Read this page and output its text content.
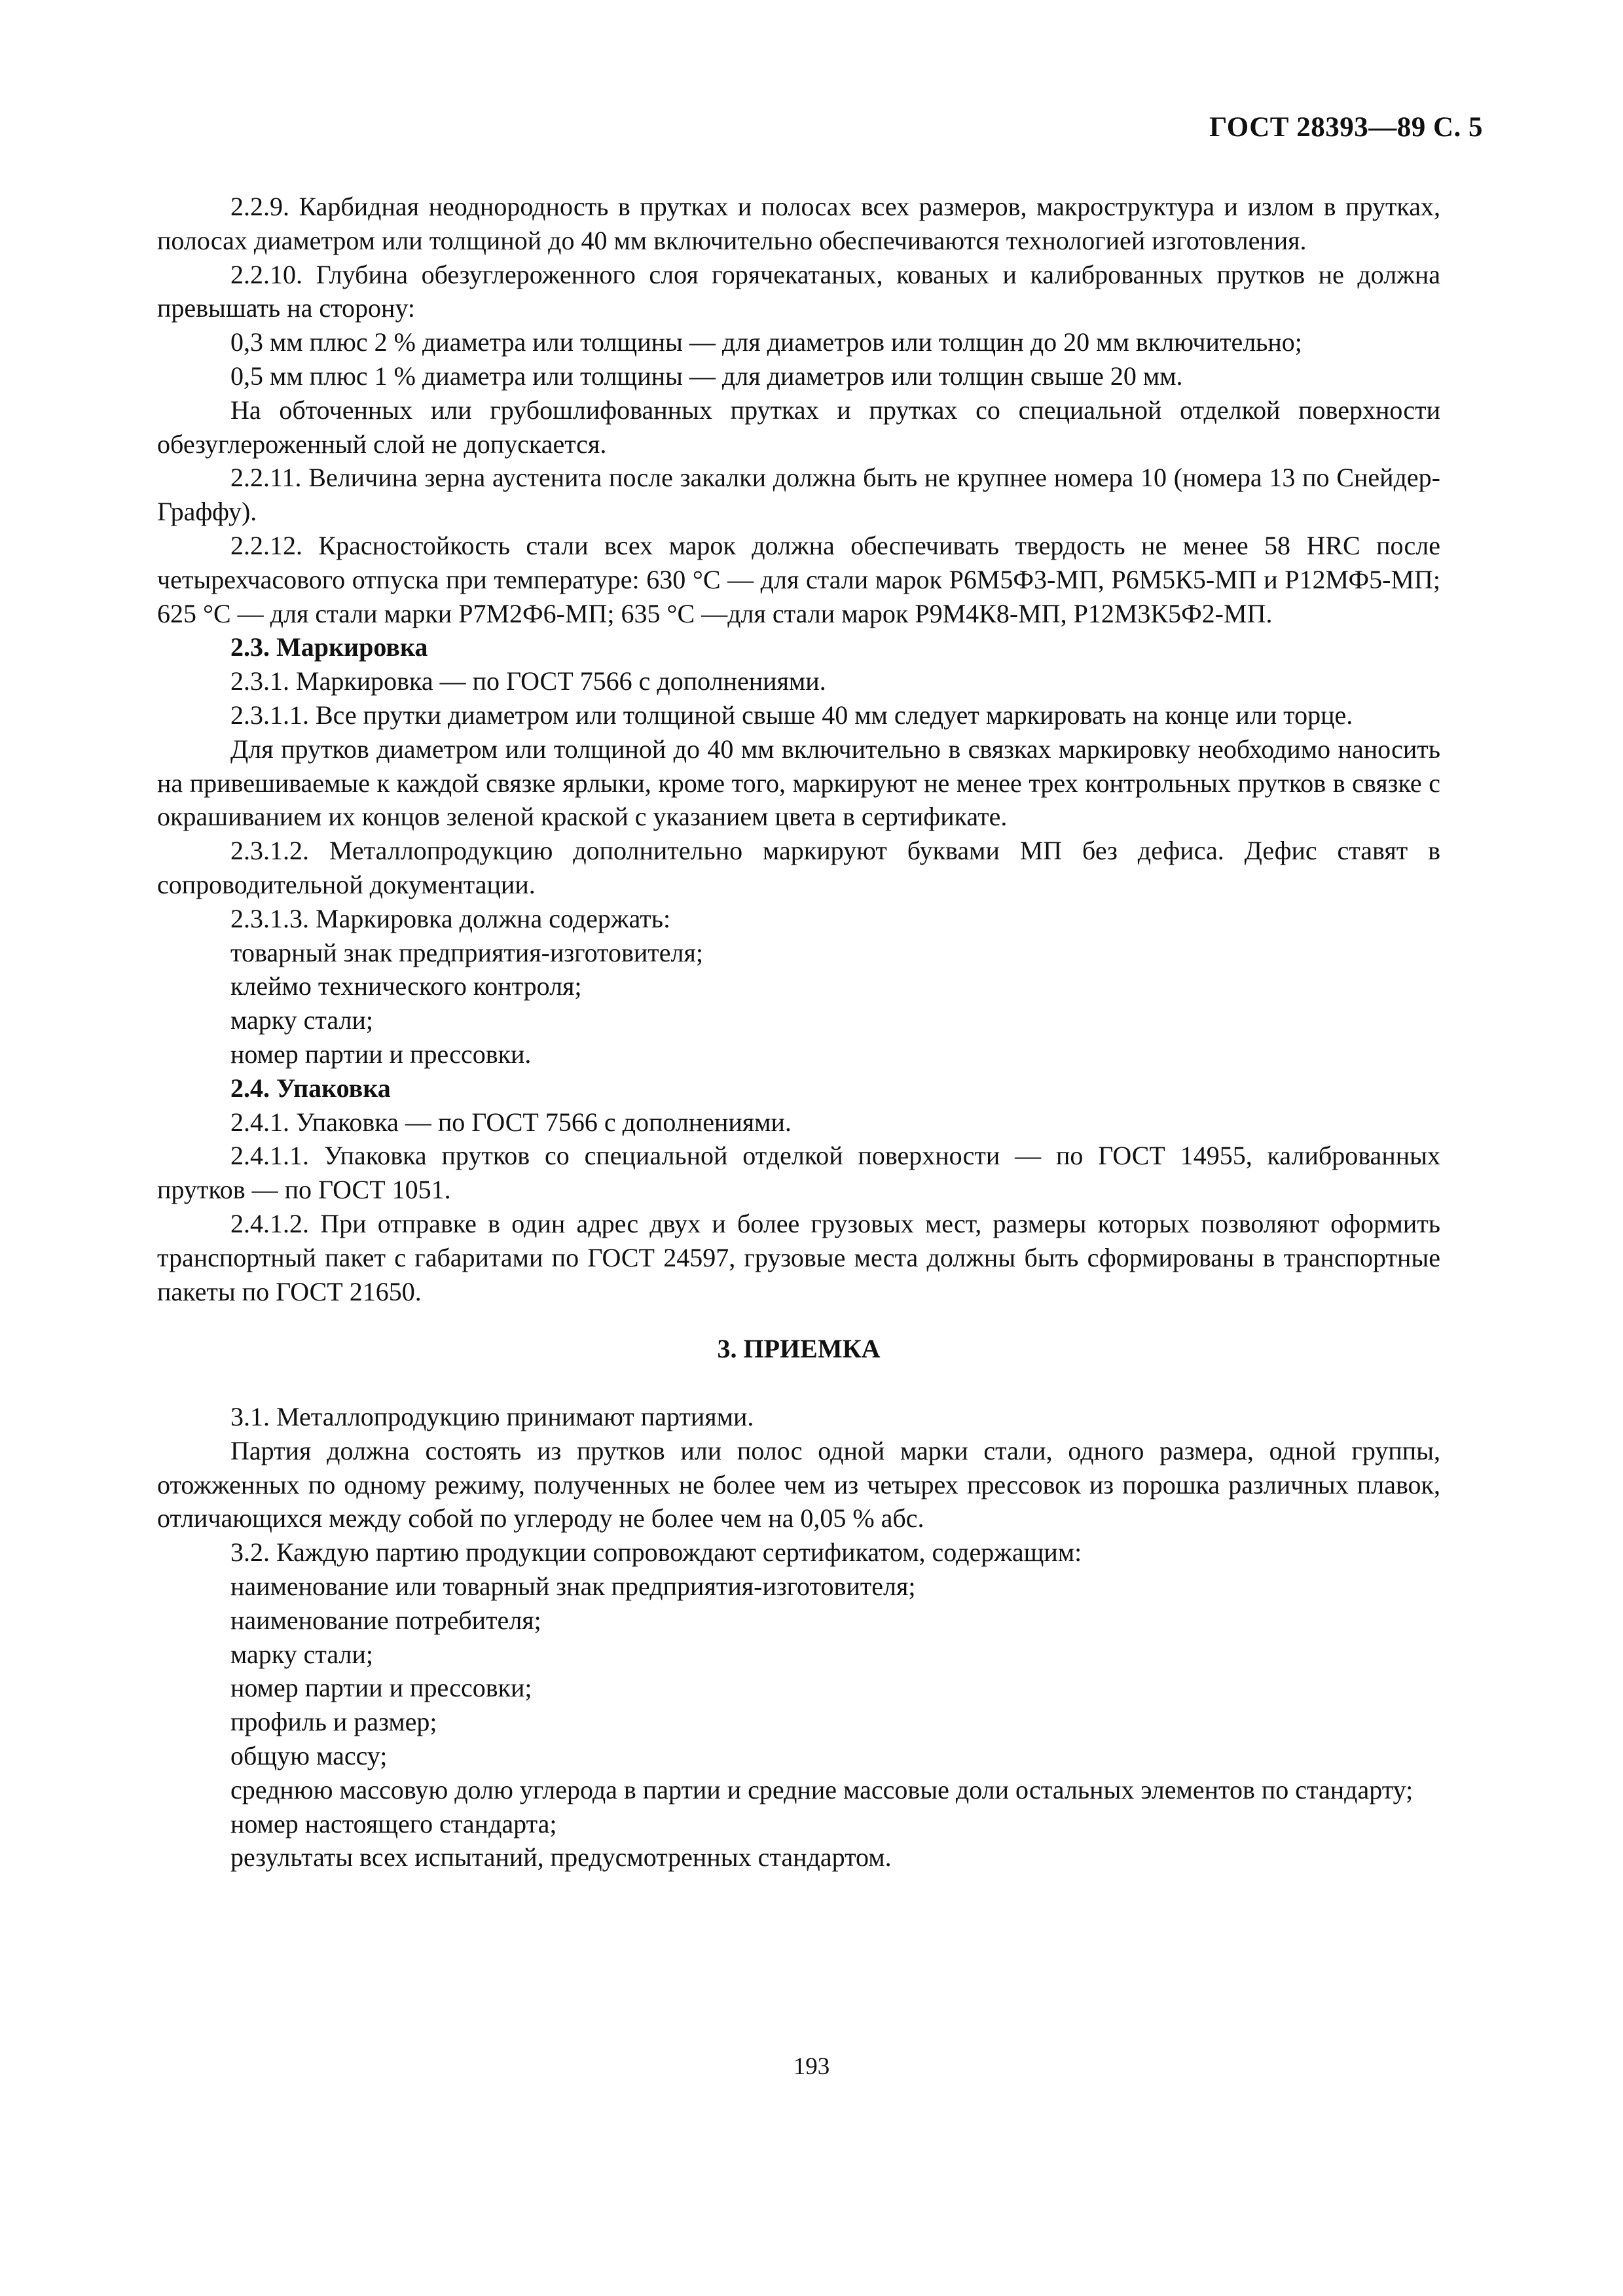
ГОСТ 28393—89 С. 5
2.2.9. Карбидная неоднородность в прутках и полосах всех размеров, макроструктура и излом в прутках, полосах диаметром или толщиной до 40 мм включительно обеспечиваются технологией изготовления.
2.2.10. Глубина обезуглероженного слоя горячекатаных, кованых и калиброванных прутков не должна превышать на сторону:
0,3 мм плюс 2 % диаметра или толщины — для диаметров или толщин до 20 мм включительно;
0,5 мм плюс 1 % диаметра или толщины — для диаметров или толщин свыше 20 мм.
На обточенных или грубошлифованных прутках и прутках со специальной отделкой поверхности обезуглероженный слой не допускается.
2.2.11. Величина зерна аустенита после закалки должна быть не крупнее номера 10 (номера 13 по Снейдер-Граффу).
2.2.12. Красностойкость стали всех марок должна обеспечивать твердость не менее 58 HRC после четырехчасового отпуска при температуре: 630 °С — для стали марок Р6М5Ф3-МП, Р6М5К5-МП и Р12МФ5-МП; 625 °С — для стали марки Р7М2Ф6-МП; 635 °С —для стали марок Р9М4К8-МП, Р12М3К5Ф2-МП.
2.3. Маркировка
2.3.1. Маркировка — по ГОСТ 7566 с дополнениями.
2.3.1.1. Все прутки диаметром или толщиной свыше 40 мм следует маркировать на конце или торце.
Для прутков диаметром или толщиной до 40 мм включительно в связках маркировку необходимо наносить на привешиваемые к каждой связке ярлыки, кроме того, маркируют не менее трех контрольных прутков в связке с окрашиванием их концов зеленой краской с указанием цвета в сертификате.
2.3.1.2. Металлопродукцию дополнительно маркируют буквами МП без дефиса. Дефис ставят в сопроводительной документации.
2.3.1.3. Маркировка должна содержать:
товарный знак предприятия-изготовителя;
клеймо технического контроля;
марку стали;
номер партии и прессовки.
2.4. Упаковка
2.4.1. Упаковка — по ГОСТ 7566 с дополнениями.
2.4.1.1. Упаковка прутков со специальной отделкой поверхности — по ГОСТ 14955, калиброванных прутков — по ГОСТ 1051.
2.4.1.2. При отправке в один адрес двух и более грузовых мест, размеры которых позволяют оформить транспортный пакет с габаритами по ГОСТ 24597, грузовые места должны быть сформированы в транспортные пакеты по ГОСТ 21650.
3. ПРИЕМКА
3.1. Металлопродукцию принимают партиями.
Партия должна состоять из прутков или полос одной марки стали, одного размера, одной группы, отожженных по одному режиму, полученных не более чем из четырех прессовок из порошка различных плавок, отличающихся между собой по углероду не более чем на 0,05 % абс.
3.2. Каждую партию продукции сопровождают сертификатом, содержащим:
наименование или товарный знак предприятия-изготовителя;
наименование потребителя;
марку стали;
номер партии и прессовки;
профиль и размер;
общую массу;
среднюю массовую долю углерода в партии и средние массовые доли остальных элементов по стандарту;
номер настоящего стандарта;
результаты всех испытаний, предусмотренных стандартом.
193
